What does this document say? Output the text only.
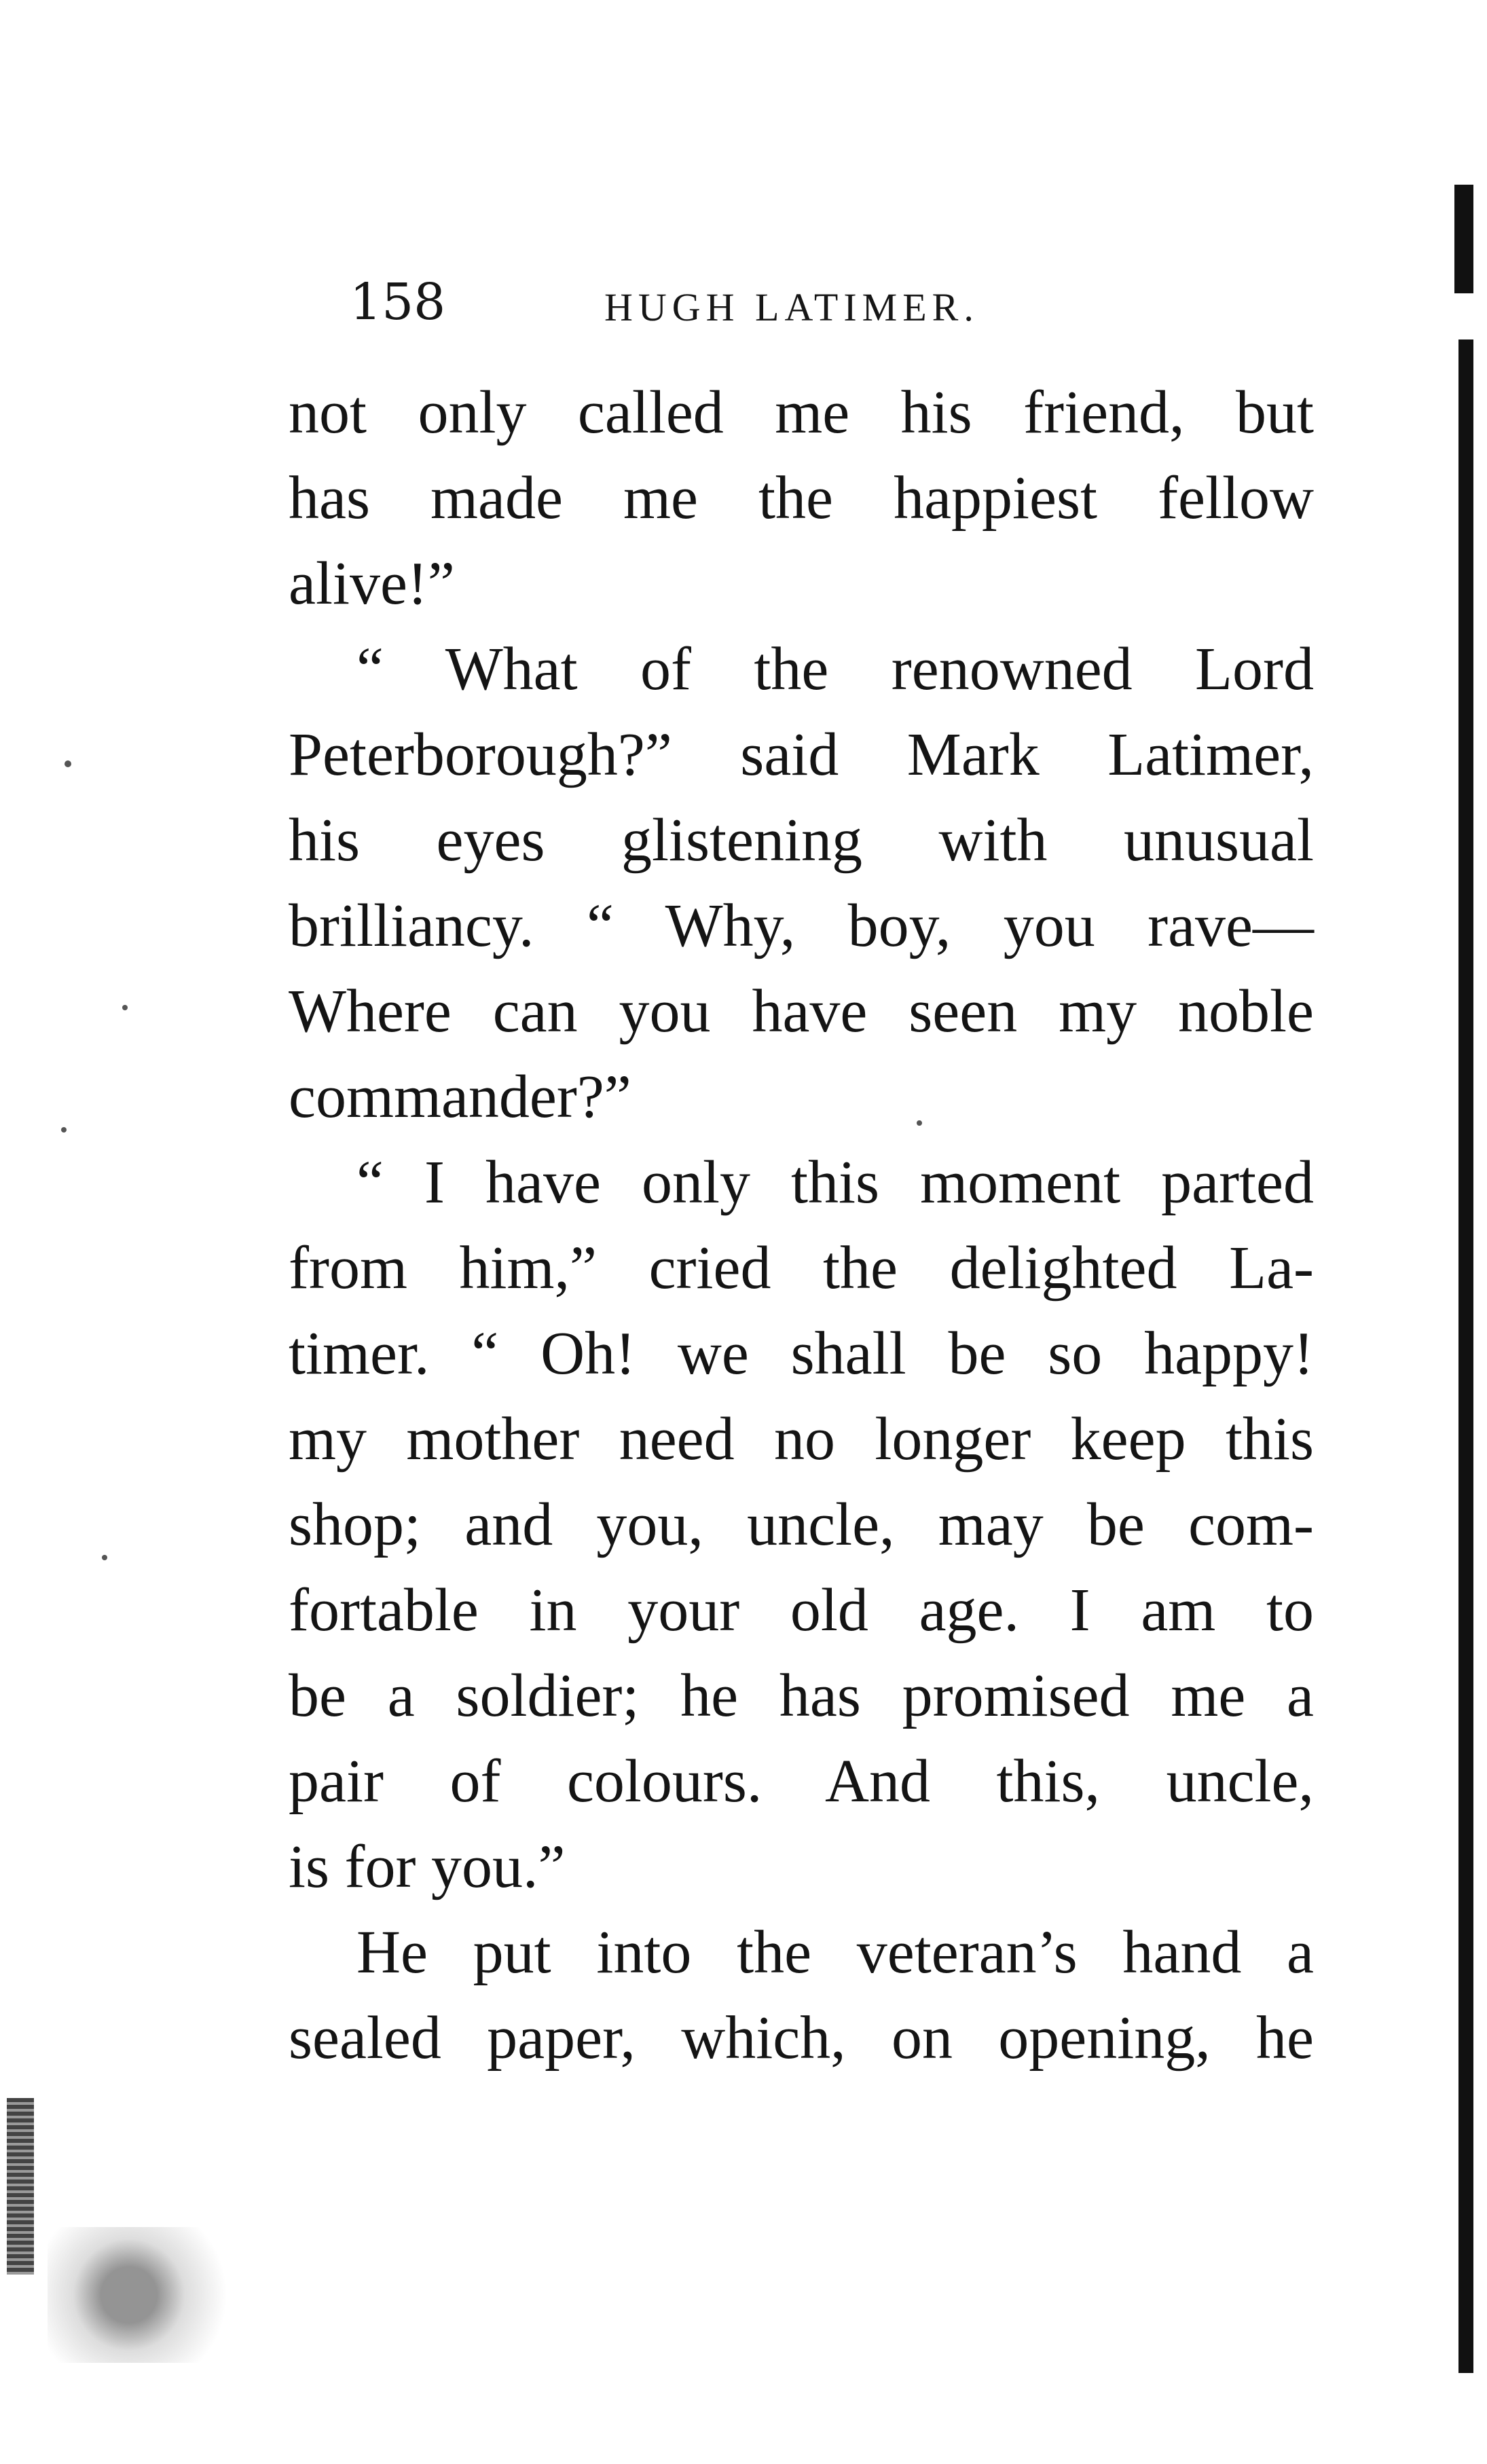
158	HUGH LATIMER.
not only called me his friend, but
has made me the happiest fellow
alive!”
“ What of the renowned Lord
Peterborough?” said Mark Latimer,
his eyes glistening with unusual
brilliancy. “ Why, boy, you rave—
Where can you have seen my noble
commander?”
“ I have only this moment parted
from him,” cried the delighted La-
timer. “ Oh! we shall be so happy!
my mother need no longer keep this
shop; and you, uncle, may be com-
fortable in your old age. I am to
be a soldier; he has promised me a
pair of colours. And this, uncle,
is for you.”
He put into the veteran’s hand a
sealed paper, which, on opening, he
